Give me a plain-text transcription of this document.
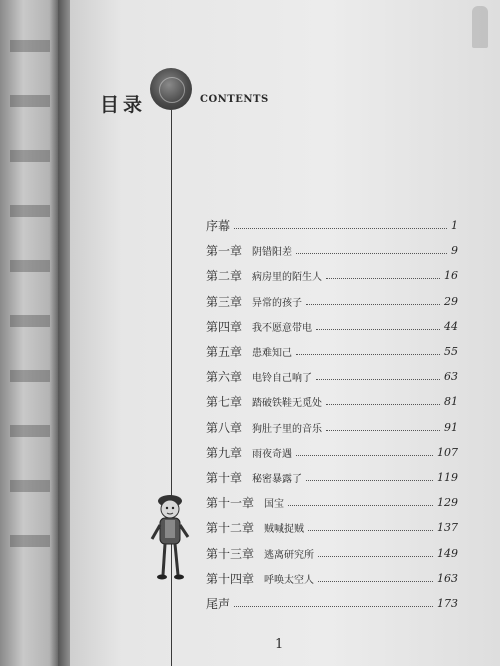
目录	CONTENTS
序幕	1
第一章 阴错阳差	9
第二章 病房里的陌生人	16
第三章 异常的孩子	29
第四章 我不愿意带电	44
第五章 患难知己	55
第六章 电铃自己响了	63
第七章 踏破铁鞋无觅处	81
第八章 狗肚子里的音乐	91
第九章 雨夜奇遇	107
第十章 秘密暴露了	119
第十一章 国宝	129
第十二章 贼喊捉贼	137
第十三章 逃离研究所	149
第十四章 呼唤太空人	163
尾声	173
1
